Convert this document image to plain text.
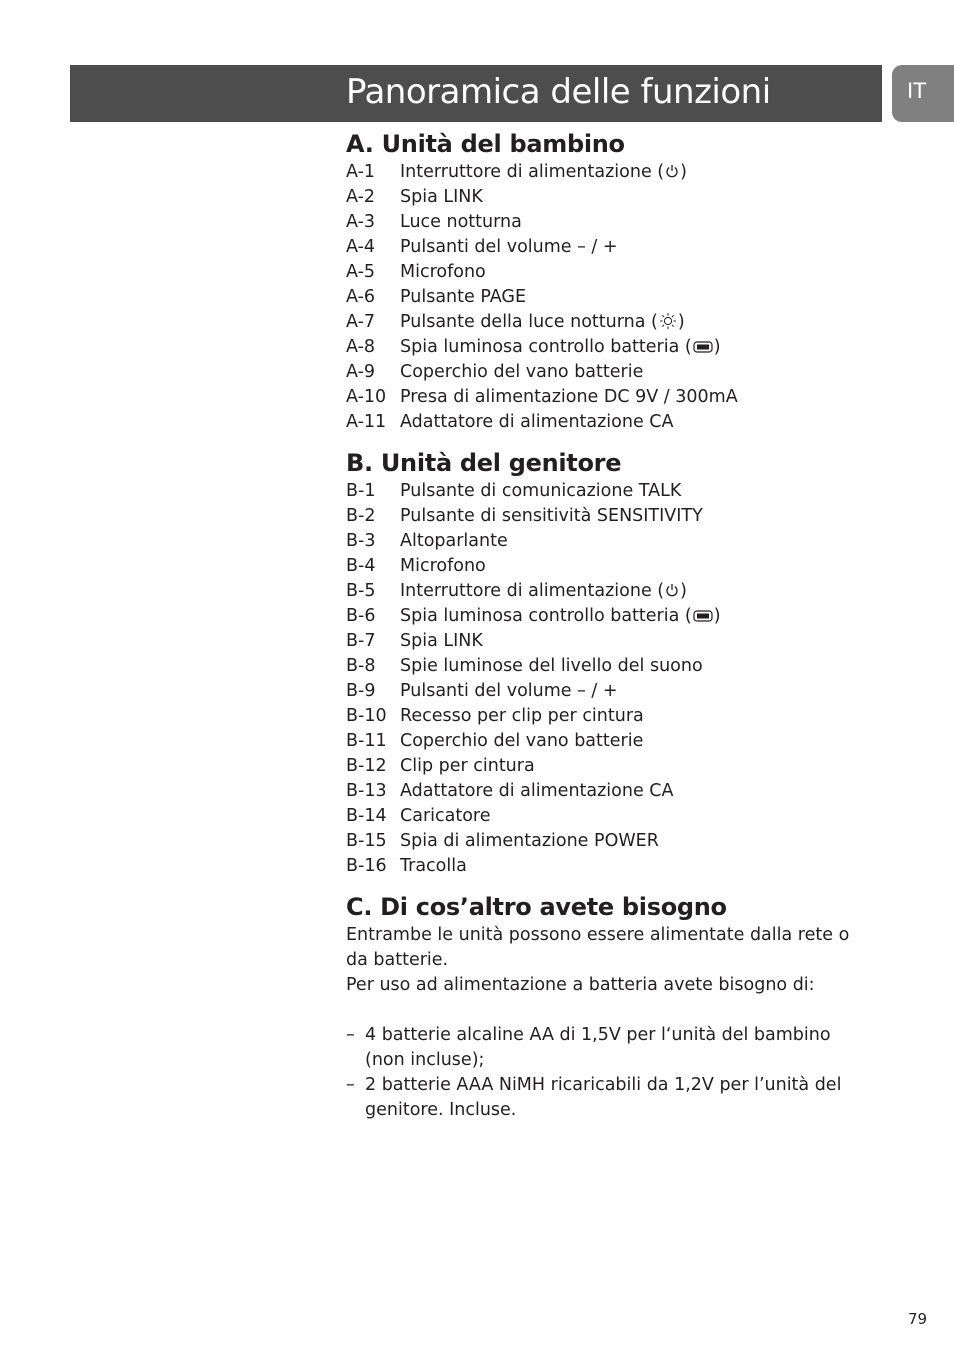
Panoramica delle funzioni	IT
A. Unità del bambino
A-1 Interruttore di alimentazione ( )
A-2 Spia LINK
A-3 Luce notturna
A-4 Pulsanti del volume – / +
A-5 Microfono
A-6 Pulsante PAGE
A-7 Pulsante della luce notturna ( )
A-8 Spia luminosa controllo batteria ( )
A-9 Coperchio del vano batterie
A-10 Presa di alimentazione DC 9V / 300mA
A-11 Adattatore di alimentazione CA
B. Unità del genitore
B-1 Pulsante di comunicazione TALK
B-2 Pulsante di sensitività SENSITIVITY
B-3 Altoparlante
B-4 Microfono
B-5 Interruttore di alimentazione ( )
B-6 Spia luminosa controllo batteria ( )
B-7 Spia LINK
B-8 Spie luminose del livello del suono
B-9 Pulsanti del volume – / +
B-10 Recesso per clip per cintura
B-11 Coperchio del vano batterie
B-12 Clip per cintura
B-13 Adattatore di alimentazione CA
B-14 Caricatore
B-15 Spia di alimentazione POWER
B-16 Tracolla
C. Di cos’altro avete bisogno

Entrambe le unità possono essere alimentate dalla rete o da batterie.

Per uso ad alimentazione a batteria avete bisogno di:

– 4 batterie alcaline AA di 1,5V per l‘unità del bambino (non incluse);
– 2 batterie AAA NiMH ricaricabili da 1,2V per l’unità del genitore. Incluse.
79
